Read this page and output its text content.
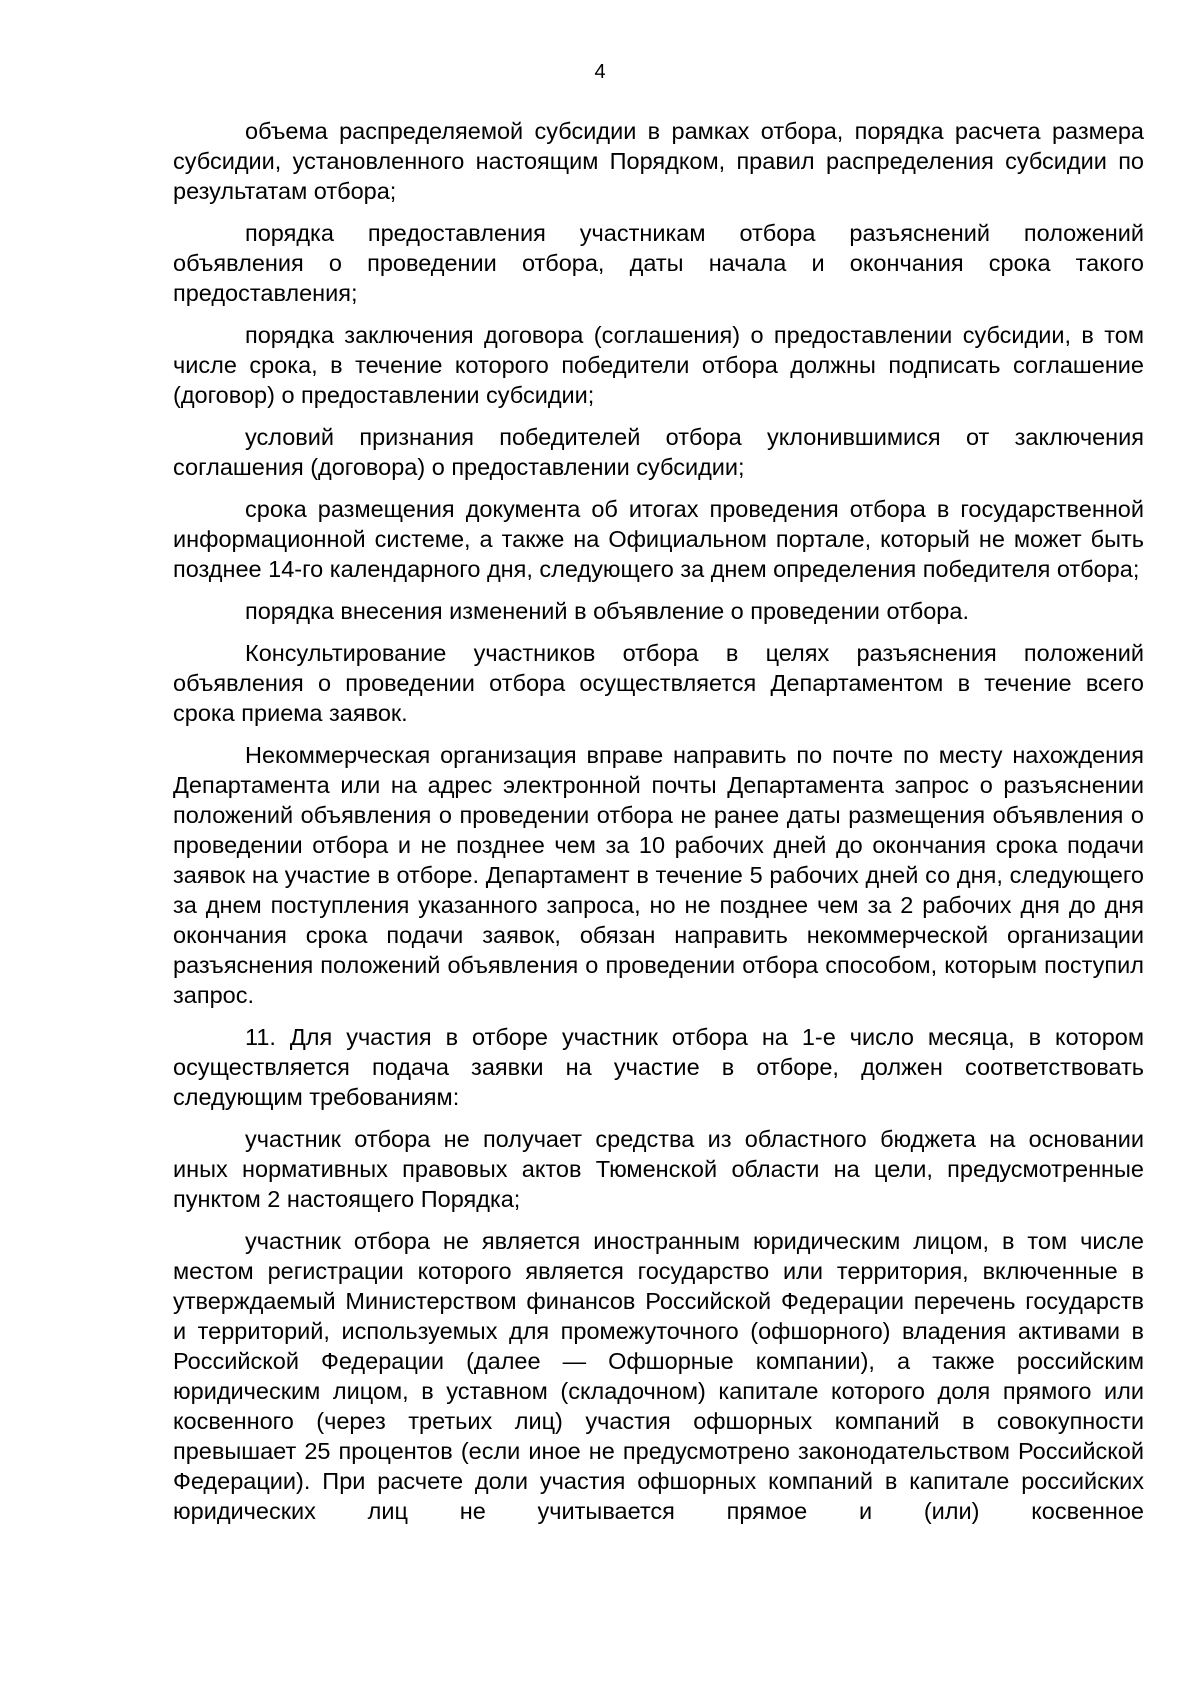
4

объема распределяемой субсидии в рамках отбора, порядка расчета размера субсидии, установленного настоящим Порядком, правил распределения субсидии по результатам отбора;

порядка предоставления участникам отбора разъяснений положений объявления о проведении отбора, даты начала и окончания срока такого предоставления;

порядка заключения договора (соглашения) о предоставлении субсидии, в том числе срока, в течение которого победители отбора должны подписать соглашение (договор) о предоставлении субсидии;

условий признания победителей отбора уклонившимися от заключения соглашения (договора) о предоставлении субсидии;

срока размещения документа об итогах проведения отбора в государственной информационной системе, а также на Официальном портале, который не может быть позднее 14-го календарного дня, следующего за днем определения победителя отбора;

порядка внесения изменений в объявление о проведении отбора.

Консультирование участников отбора в целях разъяснения положений объявления о проведении отбора осуществляется Департаментом в течение всего срока приема заявок.

Некоммерческая организация вправе направить по почте по месту нахождения Департамента или на адрес электронной почты Департамента запрос о разъяснении положений объявления о проведении отбора не ранее даты размещения объявления о проведении отбора и не позднее чем за 10 рабочих дней до окончания срока подачи заявок на участие в отборе. Департамент в течение 5 рабочих дней со дня, следующего за днем поступления указанного запроса, но не позднее чем за 2 рабочих дня до дня окончания срока подачи заявок, обязан направить некоммерческой организации разъяснения положений объявления о проведении отбора способом, которым поступил запрос.

11. Для участия в отборе участник отбора на 1-е число месяца, в котором осуществляется подача заявки на участие в отборе, должен соответствовать следующим требованиям:

участник отбора не получает средства из областного бюджета на основании иных нормативных правовых актов Тюменской области на цели, предусмотренные пунктом 2 настоящего Порядка;

участник отбора не является иностранным юридическим лицом, в том числе местом регистрации которого является государство или территория, включенные в утверждаемый Министерством финансов Российской Федерации перечень государств и территорий, используемых для промежуточного (офшорного) владения активами в Российской Федерации (далее — Офшорные компании), а также российским юридическим лицом, в уставном (складочном) капитале которого доля прямого или косвенного (через третьих лиц) участия офшорных компаний в совокупности превышает 25 процентов (если иное не предусмотрено законодательством Российской Федерации). При расчете доли участия офшорных компаний в капитале российских юридических лиц не учитывается прямое и (или) косвенное
